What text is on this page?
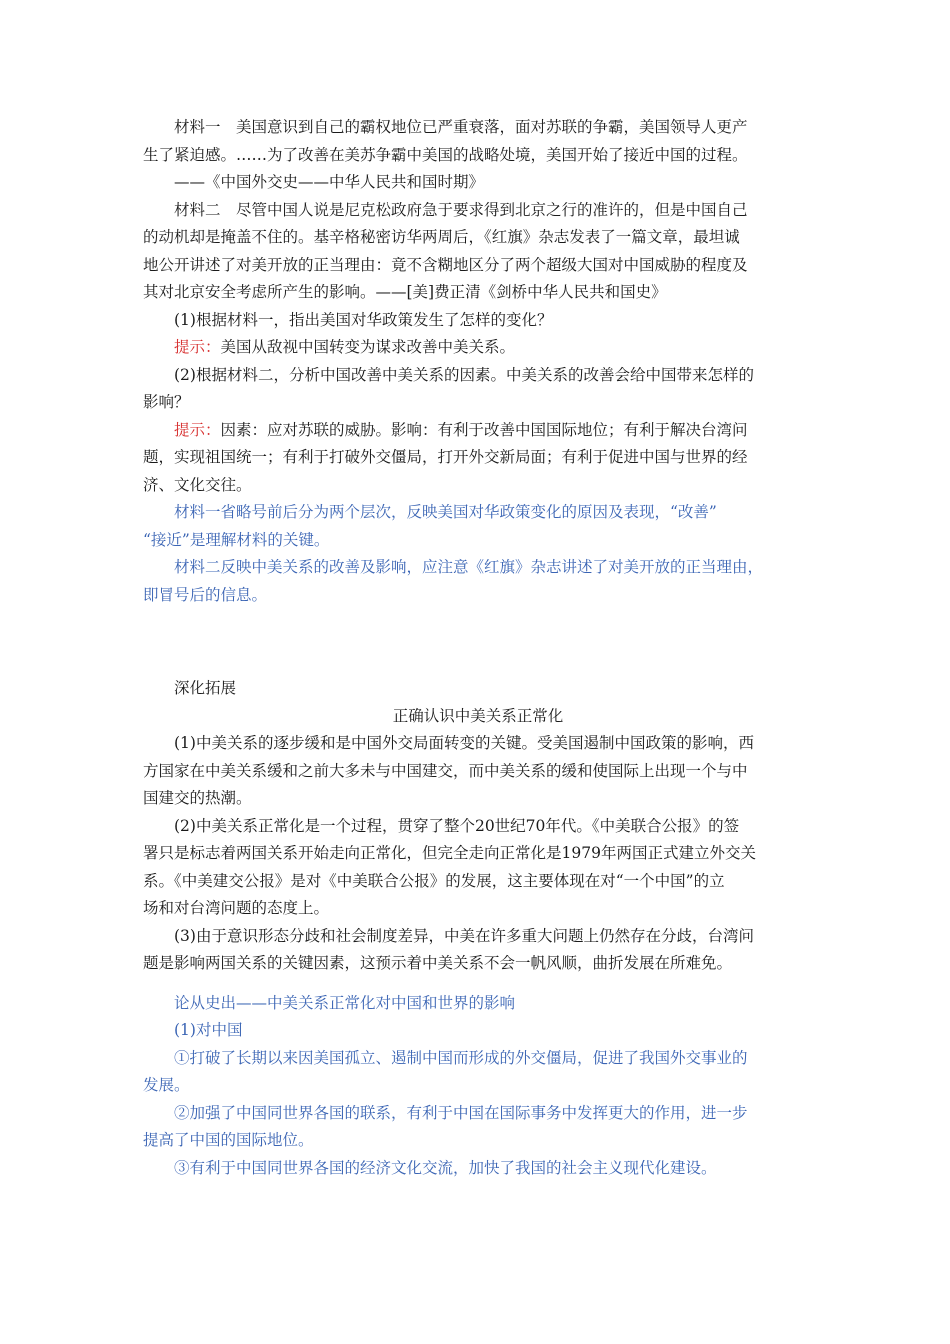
材料一　美国意识到自己的霸权地位已严重衰落，面对苏联的争霸，美国领导人更产

生了紧迫感。……为了改善在美苏争霸中美国的战略处境，美国开始了接近中国的过程。

——《中国外交史——中华人民共和国时期》

材料二　尽管中国人说是尼克松政府急于要求得到北京之行的准许的，但是中国自己

的动机却是掩盖不住的。基辛格秘密访华两周后，《红旗》杂志发表了一篇文章，最坦诚

地公开讲述了对美开放的正当理由：竟不含糊地区分了两个超级大国对中国威胁的程度及

其对北京安全考虑所产生的影响。——[美]费正清《剑桥中华人民共和国史》

(1)根据材料一，指出美国对华政策发生了怎样的变化？

提示：美国从敌视中国转变为谋求改善中美关系。

(2)根据材料二，分析中国改善中美关系的因素。中美关系的改善会给中国带来怎样的

影响？

提示：因素：应对苏联的威胁。影响：有利于改善中国国际地位；有利于解决台湾问

题，实现祖国统一；有利于打破外交僵局，打开外交新局面；有利于促进中国与世界的经

济、文化交往。

材料一省略号前后分为两个层次，反映美国对华政策变化的原因及表现，“改善”

“接近”是理解材料的关键。

材料二反映中美关系的改善及影响，应注意《红旗》杂志讲述了对美开放的正当理由，

即冒号后的信息。

深化拓展

正确认识中美关系正常化

(1)中美关系的逐步缓和是中国外交局面转变的关键。受美国遏制中国政策的影响，西

方国家在中美关系缓和之前大多未与中国建交，而中美关系的缓和使国际上出现一个与中

国建交的热潮。

(2)中美关系正常化是一个过程，贯穿了整个20世纪70年代。《中美联合公报》的签

署只是标志着两国关系开始走向正常化，但完全走向正常化是1979年两国正式建立外交关

系。《中美建交公报》是对《中美联合公报》的发展，这主要体现在对“一个中国”的立

场和对台湾问题的态度上。

(3)由于意识形态分歧和社会制度差异，中美在许多重大问题上仍然存在分歧，台湾问

题是影响两国关系的关键因素，这预示着中美关系不会一帆风顺，曲折发展在所难免。

论从史出——中美关系正常化对中国和世界的影响

(1)对中国

①打破了长期以来因美国孤立、遏制中国而形成的外交僵局，促进了我国外交事业的

发展。

②加强了中国同世界各国的联系，有利于中国在国际事务中发挥更大的作用，进一步

提高了中国的国际地位。

③有利于中国同世界各国的经济文化交流，加快了我国的社会主义现代化建设。
